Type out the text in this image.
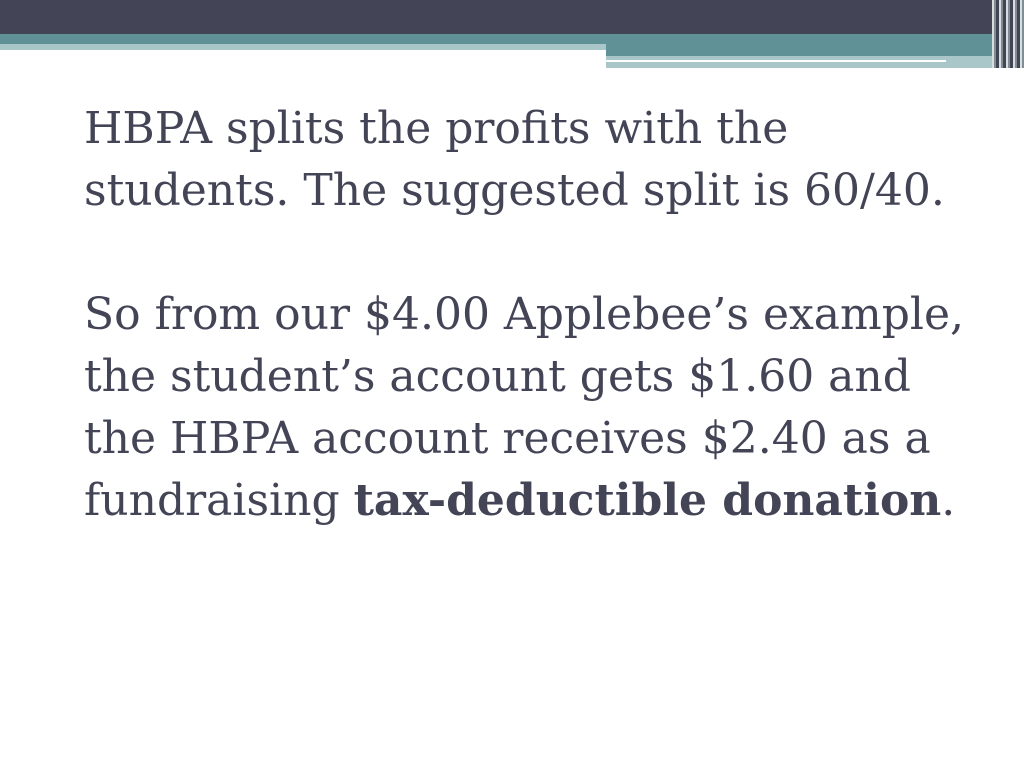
HBPA splits the profits with the students. The suggested split is 60/40.

So from our $4.00 Applebee’s example, the student’s account gets $1.60 and the HBPA account receives $2.40 as a fundraising tax-deductible donation.
